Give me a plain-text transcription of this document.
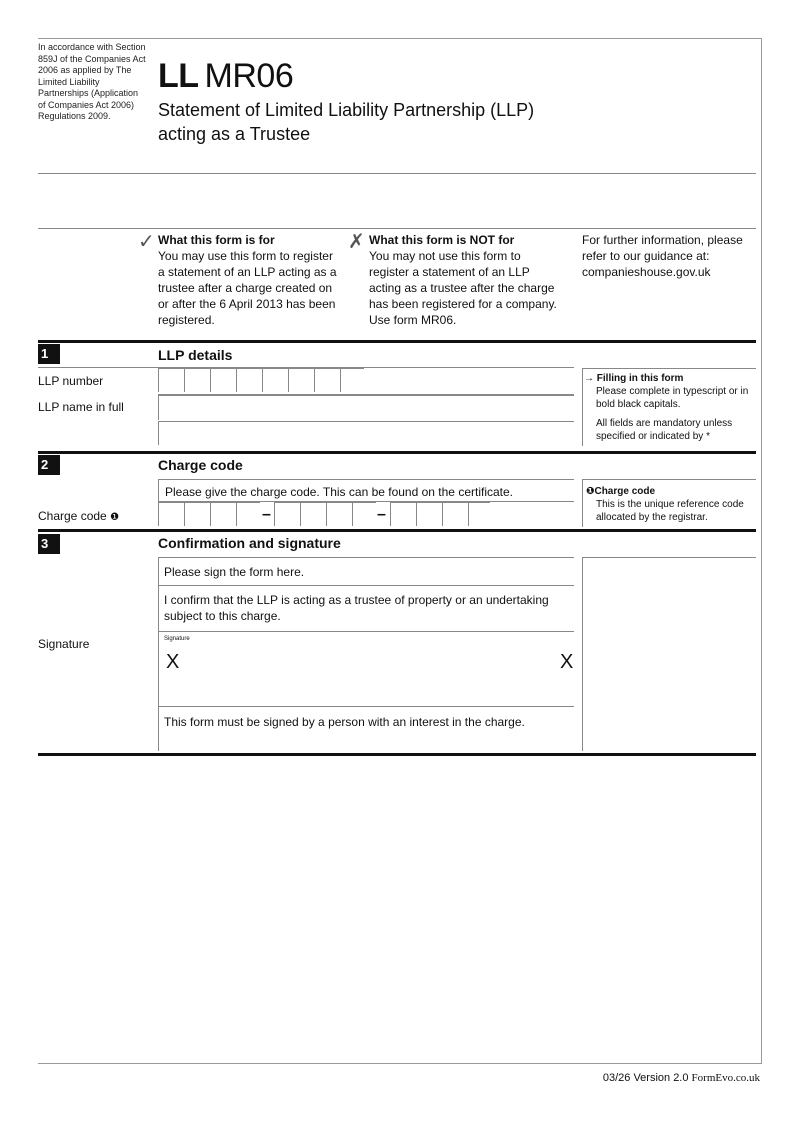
In accordance with Section 859J of the Companies Act 2006 as applied by The Limited Liability Partnerships (Application of Companies Act 2006) Regulations 2009.
LL MR06
Statement of Limited Liability Partnership (LLP) acting as a Trustee
✓ What this form is for
You may use this form to register a statement of an LLP acting as a trustee after a charge created on or after the 6 April 2013 has been registered.
✗ What this form is NOT for
You may not use this form to register a statement of an LLP acting as a trustee after the charge has been registered for a company. Use form MR06.
For further information, please refer to our guidance at: companieshouse.gov.uk
1	LLP details
LLP number
LLP name in full
→ Filling in this form
Please complete in typescript or in bold black capitals.
All fields are mandatory unless specified or indicated by *
2	Charge code
Please give the charge code. This can be found on the certificate.
Charge code ❶	–	–
❶Charge code
This is the unique reference code allocated by the registrar.
3	Confirmation and signature
Please sign the form here.
I confirm that the LLP is acting as a trustee of property or an undertaking subject to this charge.
Signature	Signature
X	X
This form must be signed by a person with an interest in the charge.
03/26 Version 2.0 FormEvo.co.uk
